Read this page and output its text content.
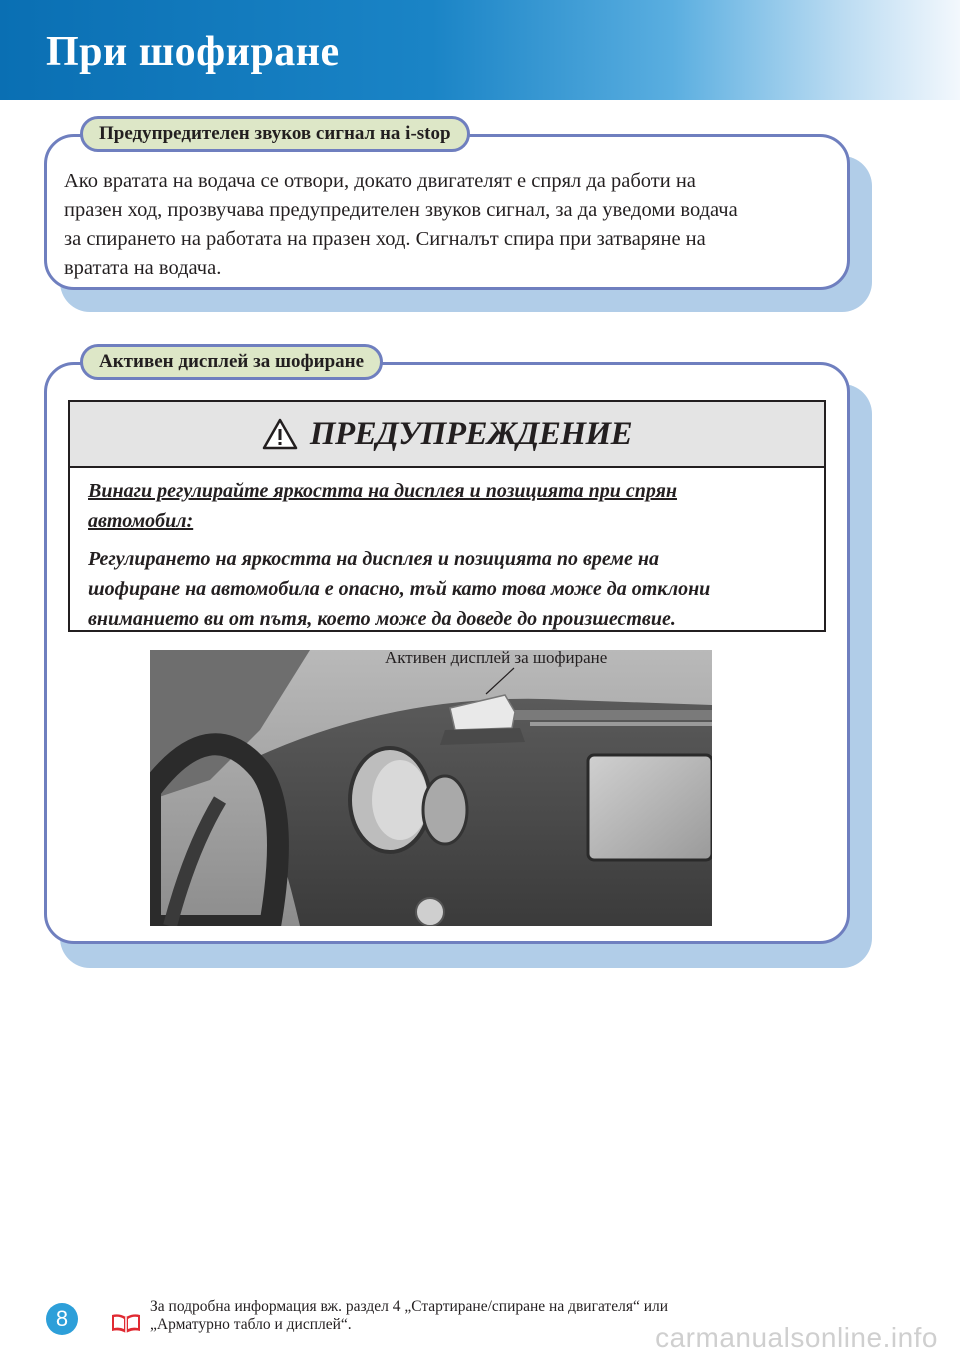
При шофиране
Предупредителен звуков сигнал на i-stop
Ако вратата на водача се отвори, докато двигателят е спрял да работи на
празен ход, прозвучава предупредителен звуков сигнал, за да уведоми водача
за спирането на работата на празен ход. Сигналът спира при затваряне на
вратата на водача.
Активен дисплей за шофиране
ПРЕДУПРЕЖДЕНИЕ
Винаги регулирайте яркостта на дисплея и позицията при спрян
автомобил:
Регулирането на яркостта на дисплея и позицията по време на
шофиране на автомобила е опасно, тъй като това може да отклони
вниманието ви от пътя, което може да доведе до произшествие.
Активен дисплей за шофиране
8	За подробна информация вж. раздел 4 „Стартиране/спиране на двигателя“ или
„Арматурно табло и дисплей“.	carmanualsonline.info
